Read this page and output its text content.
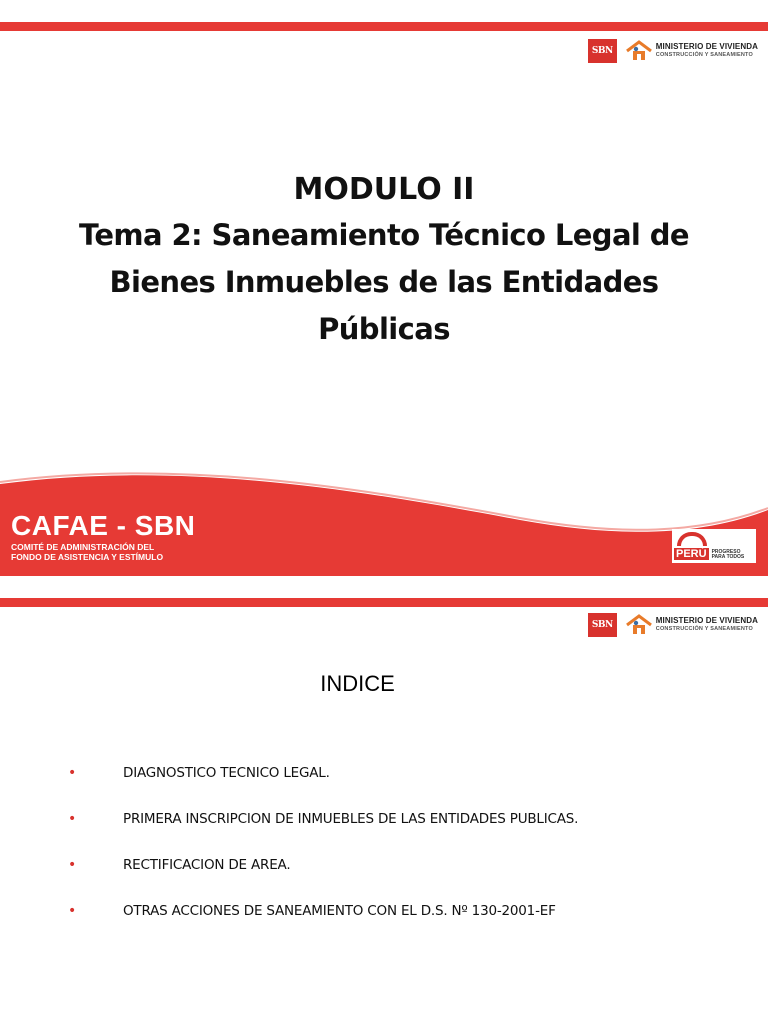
SBN	MINISTERIO DE VIVIENDA
CONSTRUCCIÓN Y SANEAMIENTO
MODULO II
Tema 2: Saneamiento Técnico Legal de
Bienes Inmuebles de las Entidades
Públicas
CAFAE - SBN
COMITÉ DE ADMINISTRACIÓN DEL
FONDO DE ASISTENCIA Y ESTÍMULO	PERÚ	PROGRESO
PARA TODOS
SBN	MINISTERIO DE VIVIENDA
CONSTRUCCIÓN Y SANEAMIENTO
INDICE
•	DIAGNOSTICO TECNICO LEGAL.
•	PRIMERA INSCRIPCION DE INMUEBLES DE LAS ENTIDADES PUBLICAS.
•	RECTIFICACION DE AREA.
•	OTRAS ACCIONES DE SANEAMIENTO CON EL D.S. Nº 130-2001-EF
